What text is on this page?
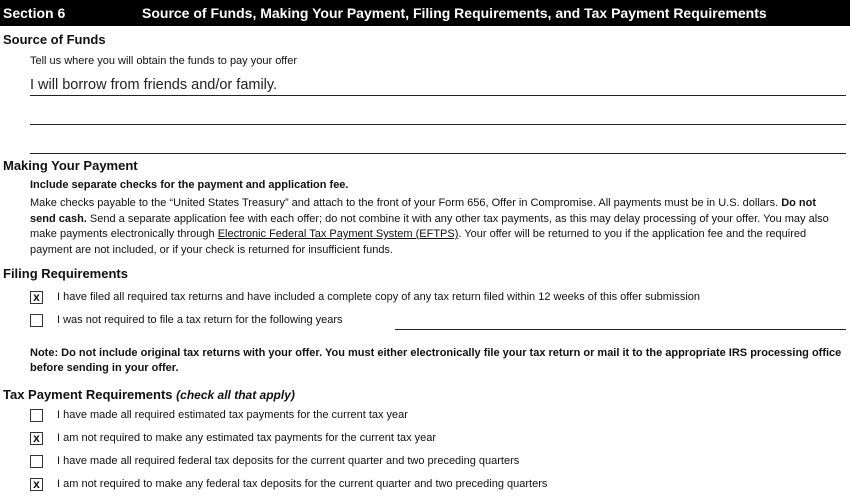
Section 6	Source of Funds, Making Your Payment, Filing Requirements, and Tax Payment Requirements
Source of Funds
Tell us where you will obtain the funds to pay your offer
I will borrow from friends and/or family.
Making Your Payment
Include separate checks for the payment and application fee.
Make checks payable to the “United States Treasury” and attach to the front of your Form 656, Offer in Compromise. All payments must be in U.S. dollars. Do not send cash. Send a separate application fee with each offer; do not combine it with any other tax payments, as this may delay processing of your offer. You may also make payments electronically through Electronic Federal Tax Payment System (EFTPS). Your offer will be returned to you if the application fee and the required payment are not included, or if your check is returned for insufficient funds.
Filing Requirements
x I have filed all required tax returns and have included a complete copy of any tax return filed within 12 weeks of this offer submission
I was not required to file a tax return for the following years
Note: Do not include original tax returns with your offer. You must either electronically file your tax return or mail it to the appropriate IRS processing office before sending in your offer.
Tax Payment Requirements (check all that apply)
I have made all required estimated tax payments for the current tax year
x I am not required to make any estimated tax payments for the current tax year
I have made all required federal tax deposits for the current quarter and two preceding quarters
x I am not required to make any federal tax deposits for the current quarter and two preceding quarters
